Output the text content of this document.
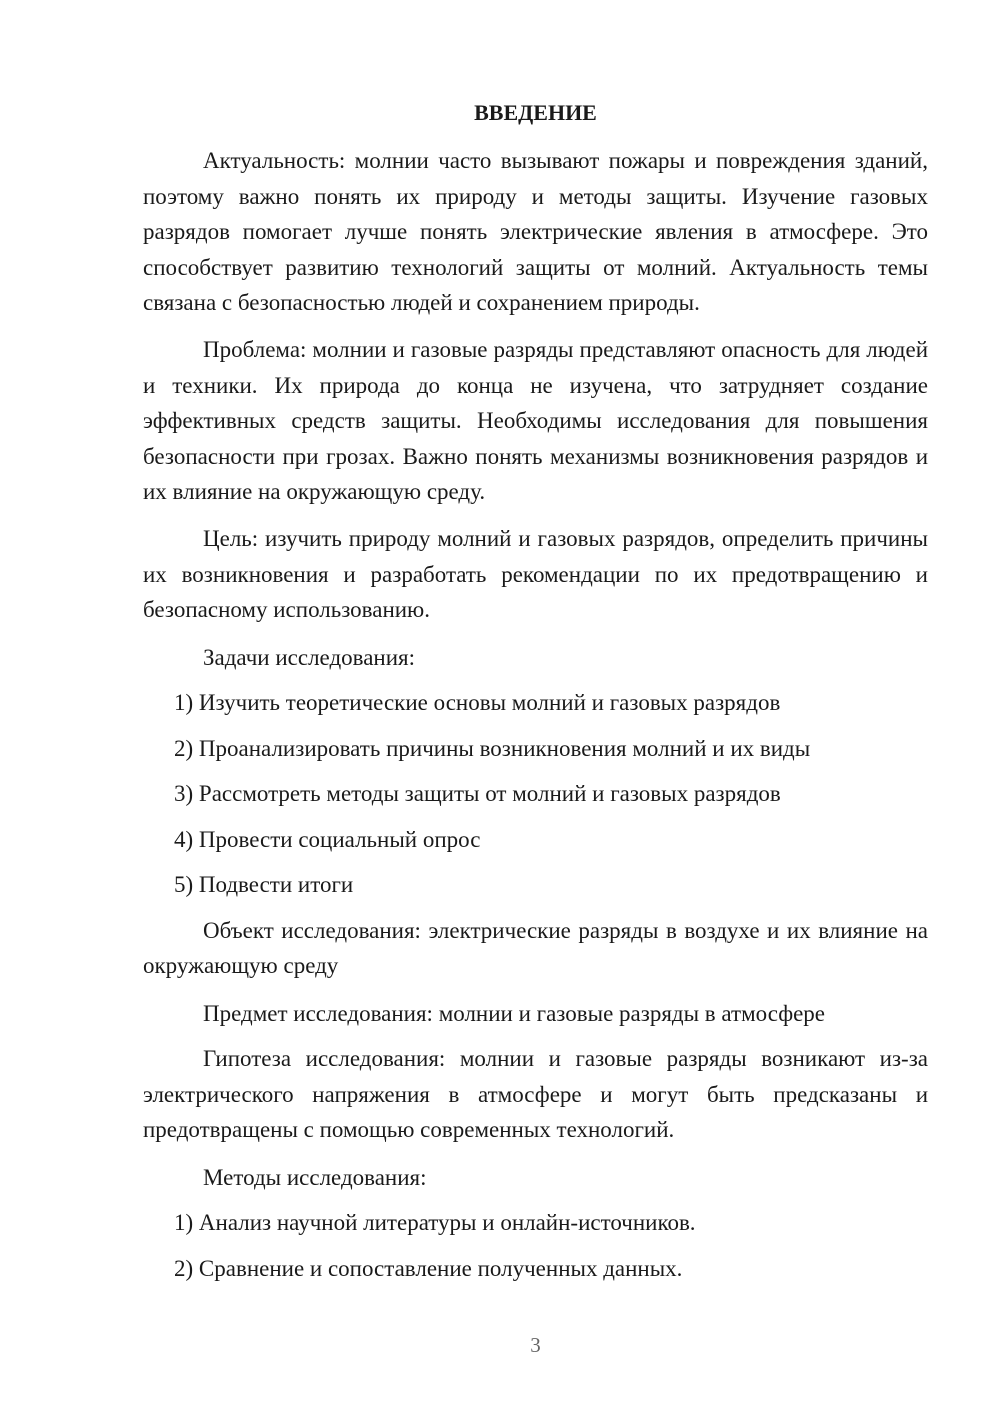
ВВЕДЕНИЕ

Актуальность: молнии часто вызывают пожары и повреждения зданий, поэтому важно понять их природу и методы защиты. Изучение газовых разрядов помогает лучше понять электрические явления в атмосфере. Это способствует развитию технологий защиты от молний. Актуальность темы связана с безопасностью людей и сохранением природы.

Проблема: молнии и газовые разряды представляют опасность для людей и техники. Их природа до конца не изучена, что затрудняет создание эффективных средств защиты. Необходимы исследования для повышения безопасности при грозах. Важно понять механизмы возникновения разрядов и их влияние на окружающую среду.

Цель: изучить природу молний и газовых разрядов, определить причины их возникновения и разработать рекомендации по их предотвращению и безопасному использованию.

Задачи исследования:

1) Изучить теоретические основы молний и газовых разрядов
2) Проанализировать причины возникновения молний и их виды
3) Рассмотреть методы защиты от молний и газовых разрядов
4) Провести социальный опрос
5) Подвести итоги

Объект исследования: электрические разряды в воздухе и их влияние на окружающую среду

Предмет исследования: молнии и газовые разряды в атмосфере

Гипотеза исследования: молнии и газовые разряды возникают из-за электрического напряжения в атмосфере и могут быть предсказаны и предотвращены с помощью современных технологий.

Методы исследования:

1) Анализ научной литературы и онлайн-источников.
2) Сравнение и сопоставление полученных данных.
3
